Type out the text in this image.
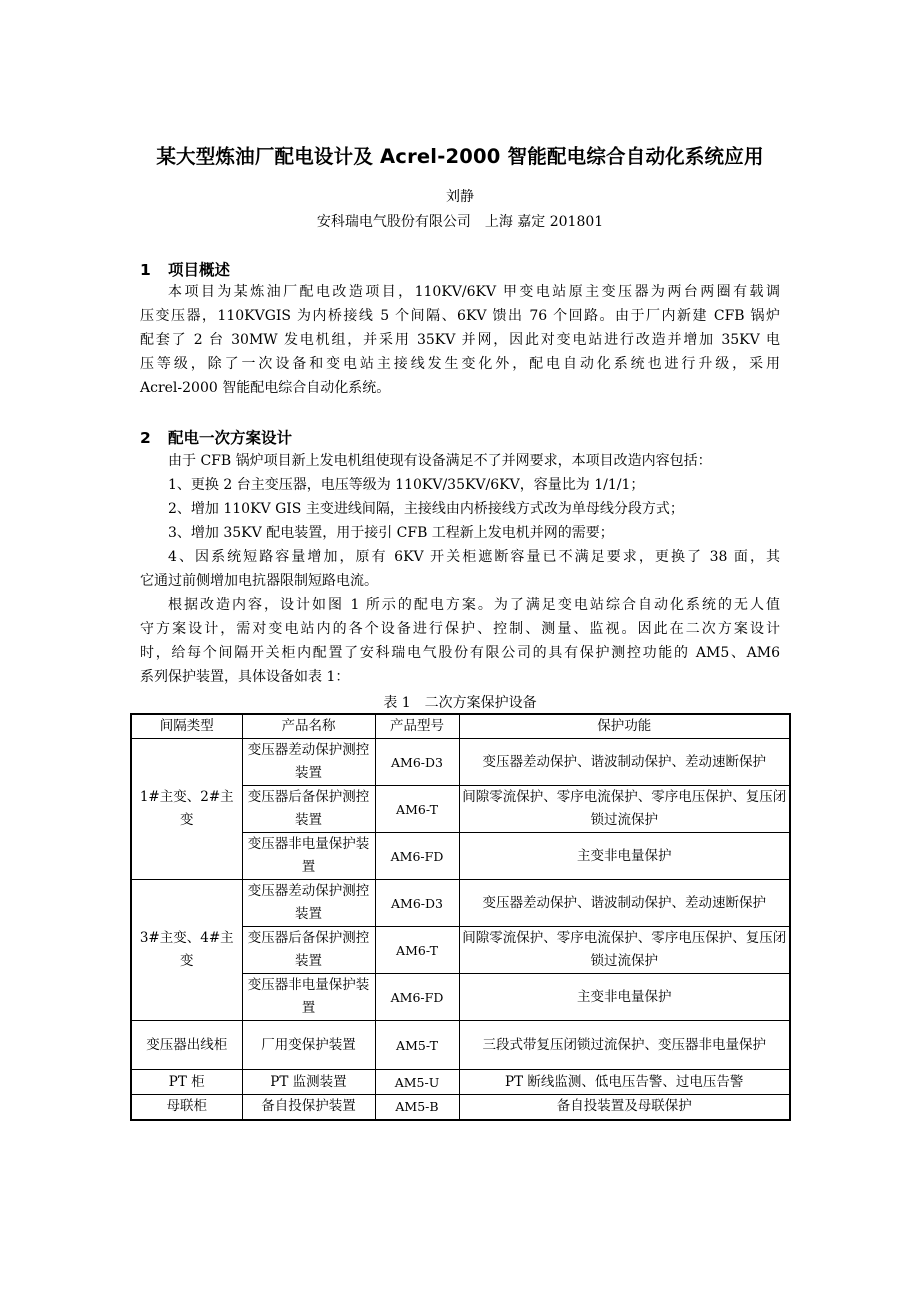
某大型炼油厂配电设计及 Acrel-2000 智能配电综合自动化系统应用
刘静
安科瑞电气股份有限公司　上海 嘉定 201801
1 项目概述
本项目为某炼油厂配电改造项目，110KV/6KV 甲变电站原主变压器为两台两圈有载调
压变压器，110KVGIS 为内桥接线 5 个间隔、6KV 馈出 76 个回路。由于厂内新建 CFB 锅炉
配套了 2 台 30MW 发电机组，并采用 35KV 并网，因此对变电站进行改造并增加 35KV 电
压等级，除了一次设备和变电站主接线发生变化外，配电自动化系统也进行升级，采用
Acrel-2000 智能配电综合自动化系统。
2 配电一次方案设计
由于 CFB 锅炉项目新上发电机组使现有设备满足不了并网要求，本项目改造内容包括：
1、更换 2 台主变压器，电压等级为 110KV/35KV/6KV，容量比为 1/1/1；
2、增加 110KV GIS 主变进线间隔，主接线由内桥接线方式改为单母线分段方式；
3、增加 35KV 配电装置，用于接引 CFB 工程新上发电机并网的需要；
4、因系统短路容量增加，原有 6KV 开关柜遮断容量已不满足要求，更换了 38 面，其
它通过前侧增加电抗器限制短路电流。
根据改造内容，设计如图 1 所示的配电方案。为了满足变电站综合自动化系统的无人值
守方案设计，需对变电站内的各个设备进行保护、控制、测量、监视。因此在二次方案设计
时，给每个间隔开关柜内配置了安科瑞电气股份有限公司的具有保护测控功能的 AM5、AM6
系列保护装置，具体设备如表 1：
表 1　二次方案保护设备
间隔类型	产品名称	产品型号	保护功能
1#主变、2#主变	变压器差动保护测控装置	AM6-D3	变压器差动保护、谐波制动保护、差动速断保护
	变压器后备保护测控装置	AM6-T	间隙零流保护、零序电流保护、零序电压保护、复压闭锁过流保护
	变压器非电量保护装置	AM6-FD	主变非电量保护
3#主变、4#主变	变压器差动保护测控装置	AM6-D3	变压器差动保护、谐波制动保护、差动速断保护
	变压器后备保护测控装置	AM6-T	间隙零流保护、零序电流保护、零序电压保护、复压闭锁过流保护
	变压器非电量保护装置	AM6-FD	主变非电量保护
变压器出线柜	厂用变保护装置	AM5-T	三段式带复压闭锁过流保护、变压器非电量保护
PT 柜	PT 监测装置	AM5-U	PT 断线监测、低电压告警、过电压告警
母联柜	备自投保护装置	AM5-B	备自投装置及母联保护
